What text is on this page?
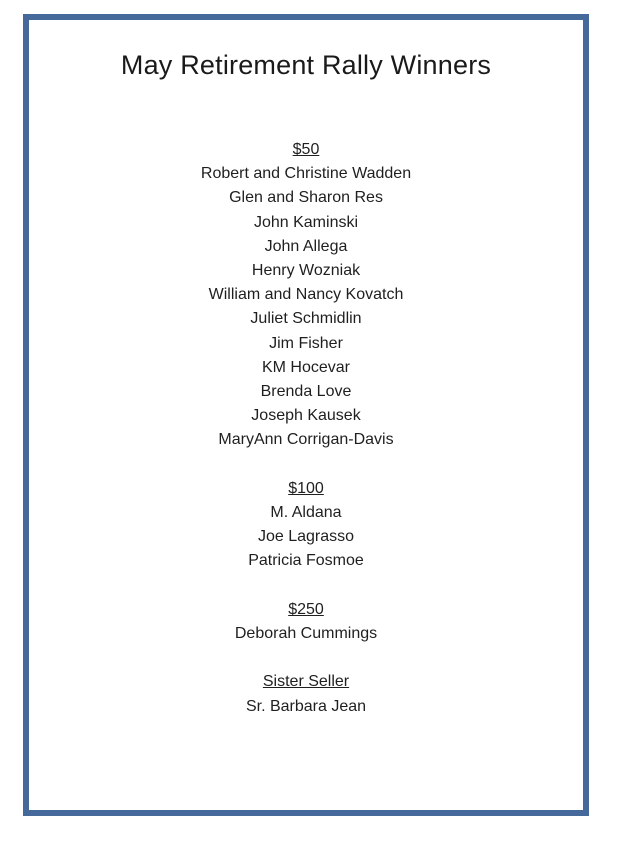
May Retirement Rally Winners
$50
Robert and Christine Wadden
Glen and Sharon Res
John Kaminski
John Allega
Henry Wozniak
William and Nancy Kovatch
Juliet Schmidlin
Jim Fisher
KM Hocevar
Brenda Love
Joseph Kausek
MaryAnn Corrigan-Davis
$100
M. Aldana
Joe Lagrasso
Patricia Fosmoe
$250
Deborah Cummings
Sister Seller
Sr. Barbara Jean
